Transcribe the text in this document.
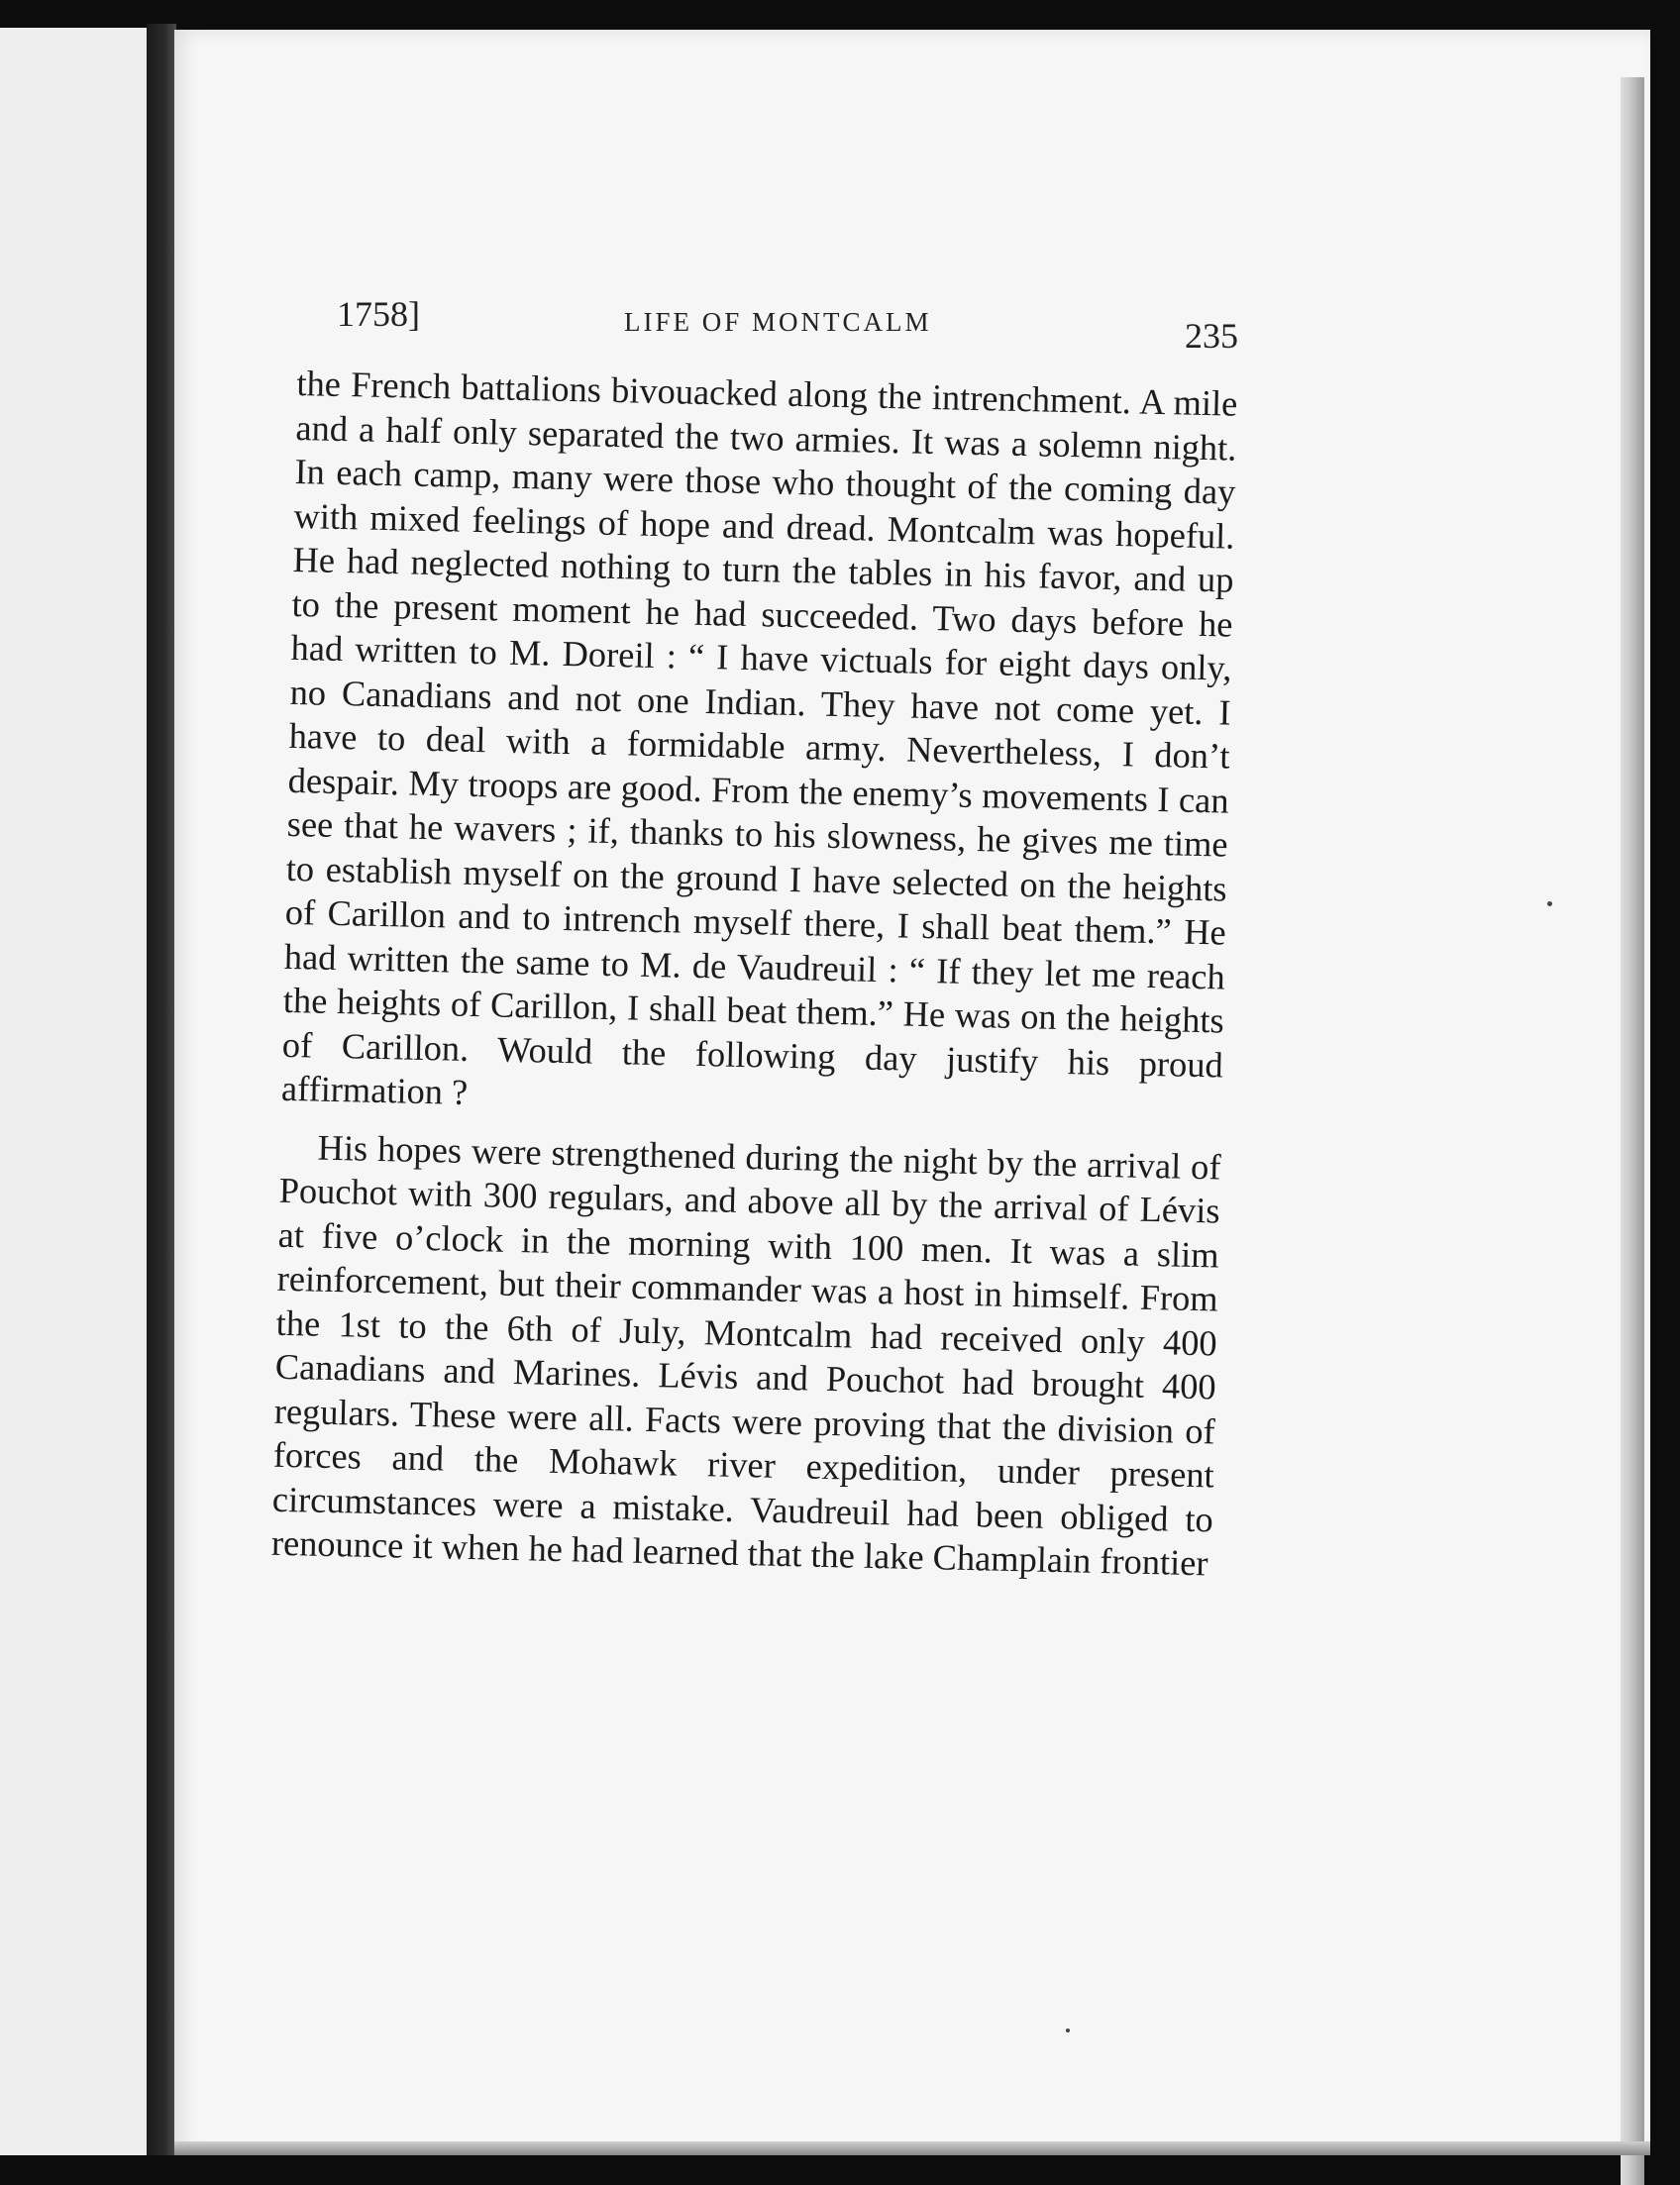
1758]	LIFE OF MONTCALM	235

the French battalions bivouacked along the intrenchment. A mile and a half only separated the two armies. It was a solemn night. In each camp, many were those who thought of the coming day with mixed feelings of hope and dread. Montcalm was hopeful. He had neglected nothing to turn the tables in his favor, and up to the present moment he had succeeded. Two days before he had written to M. Doreil : “ I have victuals for eight days only, no Canadians and not one Indian. They have not come yet. I have to deal with a formidable army. Nevertheless, I don’t despair. My troops are good. From the enemy’s movements I can see that he wavers ; if, thanks to his slowness, he gives me time to establish myself on the ground I have selected on the heights of Carillon and to intrench myself there, I shall beat them.” He had written the same to M. de Vaudreuil : “ If they let me reach the heights of Carillon, I shall beat them.” He was on the heights of Carillon. Would the following day justify his proud affirmation ?

His hopes were strengthened during the night by the arrival of Pouchot with 300 regulars, and above all by the arrival of Lévis at five o’clock in the morning with 100 men. It was a slim reinforcement, but their commander was a host in himself. From the 1st to the 6th of July, Montcalm had received only 400 Canadians and Marines. Lévis and Pouchot had brought 400 regulars. These were all. Facts were proving that the division of forces and the Mohawk river expedition, under present circumstances were a mistake. Vaudreuil had been obliged to renounce it when he had learned that the lake Champlain frontier
